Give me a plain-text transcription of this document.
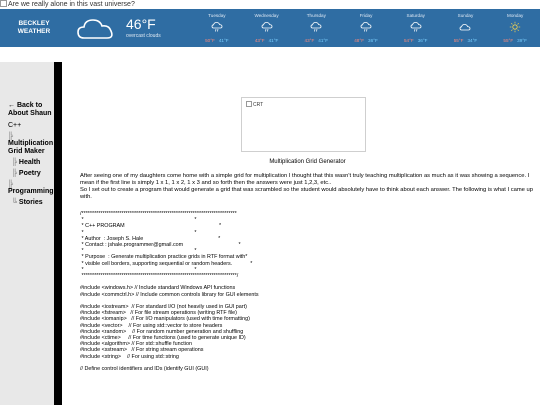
Are we really alone in this vast universe?
BECKLEY
WEATHER	46°F
overcast clouds
Tuesday
50°F 41°F
Wednesday
43°F 41°F
Thursday
43°F 41°F
Friday
48°F 36°F
Saturday
54°F 36°F
Sunday
55°F 34°F
Monday
55°F 39°F
← Back to
About Shaun
C++
╠
Multiplication
Grid Maker
╠ Health
╠ Poetry
╠
Programming
╚ Stories
CRT
Multiplication Grid Generator
After seeing one of my daughters come home with a simple grid for multiplication I thought that this wasn't truly teaching multiplication as much as it was showing a sequence. I mean if the first line is simply 1 x 1, 1 x 2, 1 x 3 and so forth then the answers were just 1,2,3, etc..
So I set out to create a program that would generate a grid that was scrambled so the student would absolutely have to think about each answer. The following is what I came up with.
/**************************************************************************
*                                                                          *
* C++ PROGRAM                                                               *
*                                                                          *
* Author  : Joseph S. Hale                                                  *
* Contact : jshale.programmer@gmail.com                                     *
*                                                                          *
* Purpose  : Generate multiplication practice grids in RTF format with*
* visible cell borders, supporting sequential or random headers.            *
*                                                                          *
**************************************************************************/

#include <windows.h> // Include standard Windows API functions
#include <commctrl.h> // Include common controls library for GUI elements

#include <iostream>  // For standard I/O (not heavily used in GUI part)
#include <fstream>   // For file stream operations (writing RTF file)
#include <iomanip>   // For I/O manipulators (used with time formatting)
#include <vector>    // For using std::vector to store headers
#include <random>    // For random number generation and shuffling
#include <ctime>     // For time functions (used to generate unique ID)
#include <algorithm> // For std::shuffle function
#include <sstream>   // For string stream operations
#include <string>    // For using std::string

// Define control identifiers and IDs (identify GUI (GUI)
